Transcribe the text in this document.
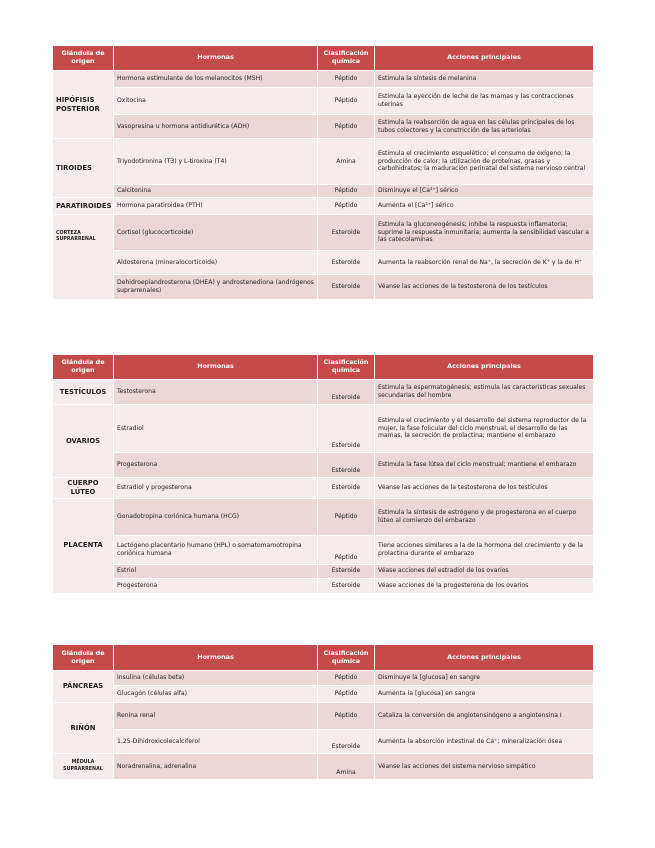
Glándula de origen	Hormonas	Clasificación química	Acciones principales
HIPÓFISIS POSTERIOR	Hormona estimulante de los melanocitos (MSH)	Péptido	Estimula la síntesis de melanina
	Oxitocina	Péptido	Estimula la eyección de leche de las mamas y las contracciones uterinas
	Vasopresina u hormona antidiurética (ADH)	Péptido	Estimula la reabsorción de agua en las células principales de los tubos colectores y la constricción de las arteriolas
TIROIDES	Triyodotironina (T3) y L-tiroxina (T4)	Amina	Estimula el crecimiento esquelético; el consumo de oxígeno; la producción de calor; la utilización de proteínas, grasas y carbohidratos; la maduración perinatal del sistema nervioso central
	Calcitonina	Péptido	Disminuye el [Ca²⁺] sérico
PARATIROIDES	Hormona paratiroidea (PTH)	Péptido	Aumenta el [Ca²⁺] sérico
CORTEZA SUPRARRENAL	Cortisol (glucocorticoide)	Esteroide	Estimula la gluconeogénesis; inhibe la respuesta inflamatoria; suprime la respuesta inmunitaria; aumenta la sensibilidad vascular a las catecolaminas
	Aldosterona (mineralocorticoide)	Esteroide	Aumenta la reabsorción renal de Na⁺, la secreción de K⁺ y la de H⁺
	Dehidroepiandrosterona (DHEA) y androstenediona (andrógenos suprarrenales)	Esteroide	Véanse las acciones de la testosterona de los testículos
Glándula de origen	Hormonas	Clasificación química	Acciones principales
TESTÍCULOS	Testosterona	Esteroide	Estimula la espermatogénesis; estimula las características sexuales secundarias del hombre
OVARIOS	Estradiol	Esteroide	Estimula el crecimiento y el desarrollo del sistema reproductor de la mujer, la fase folicular del ciclo menstrual, el desarrollo de las mamas, la secreción de prolactina; mantiene el embarazo
	Progesterona	Esteroide	Estimula la fase lútea del ciclo menstrual; mantiene el embarazo
CUERPO LÚTEO	Estradiol y progesterona	Esteroide	Véanse las acciones de la testosterona de los testículos
PLACENTA	Gonadotropina coriónica humana (HCG)	Péptido	Estimula la síntesis de estrógeno y de progesterona en el cuerpo lúteo al comienzo del embarazo
	Lactógeno placentario humano (HPL) o somatomamotropina coriónica humana	Péptido	Tiene acciones similares a la de la hormona del crecimiento y de la prolactina durante el embarazo
	Estriol	Esteroide	Véase acciones del estradiol de los ovarios
	Progesterona	Esteroide	Véase acciones de la progesterona de los ovarios
Glándula de origen	Hormonas	Clasificación química	Acciones principales
PÁNCREAS	Insulina (células beta)	Péptido	Disminuye la [glucosa] en sangre
	Glucagón (células alfa)	Péptido	Aumenta la [glucosa] en sangre
RIÑÓN	Renina renal	Péptido	Cataliza la conversión de angiotensinógeno a angiotensina I
	1,25-Dihidroxicolecalciferol	Esteroide	Aumenta la absorción intestinal de Ca⁺; mineralización ósea
MÉDULA SUPRARRENAL	Noradrenalina, adrenalina	Amina	Véanse las acciones del sistema nervioso simpático
